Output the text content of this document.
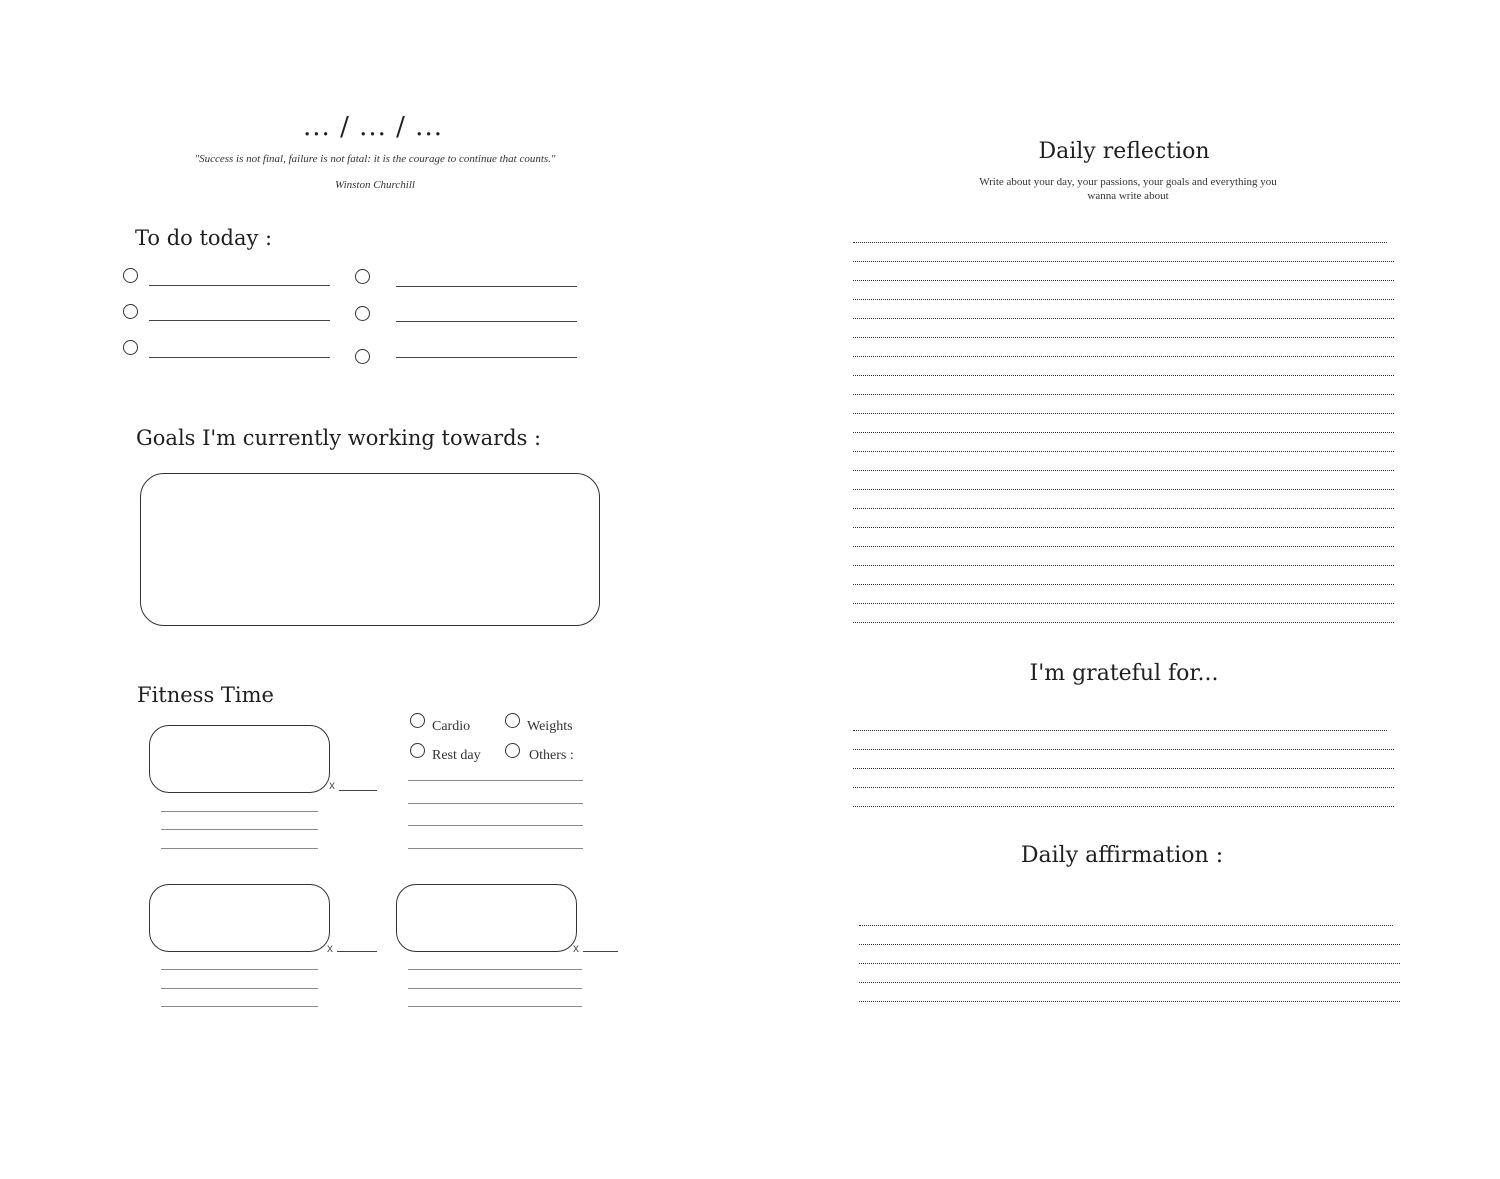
... / ... / ...
"Success is not final, failure is not fatal: it is the courage to continue that counts."
Winston Churchill
To do today :
Goals I'm currently working towards :
Fitness Time
x
Cardio	Weights
Rest day	Others :
x	x
Daily reflection
Write about your day, your passions, your goals and everything you wanna write about
I'm grateful for...
Daily affirmation :
